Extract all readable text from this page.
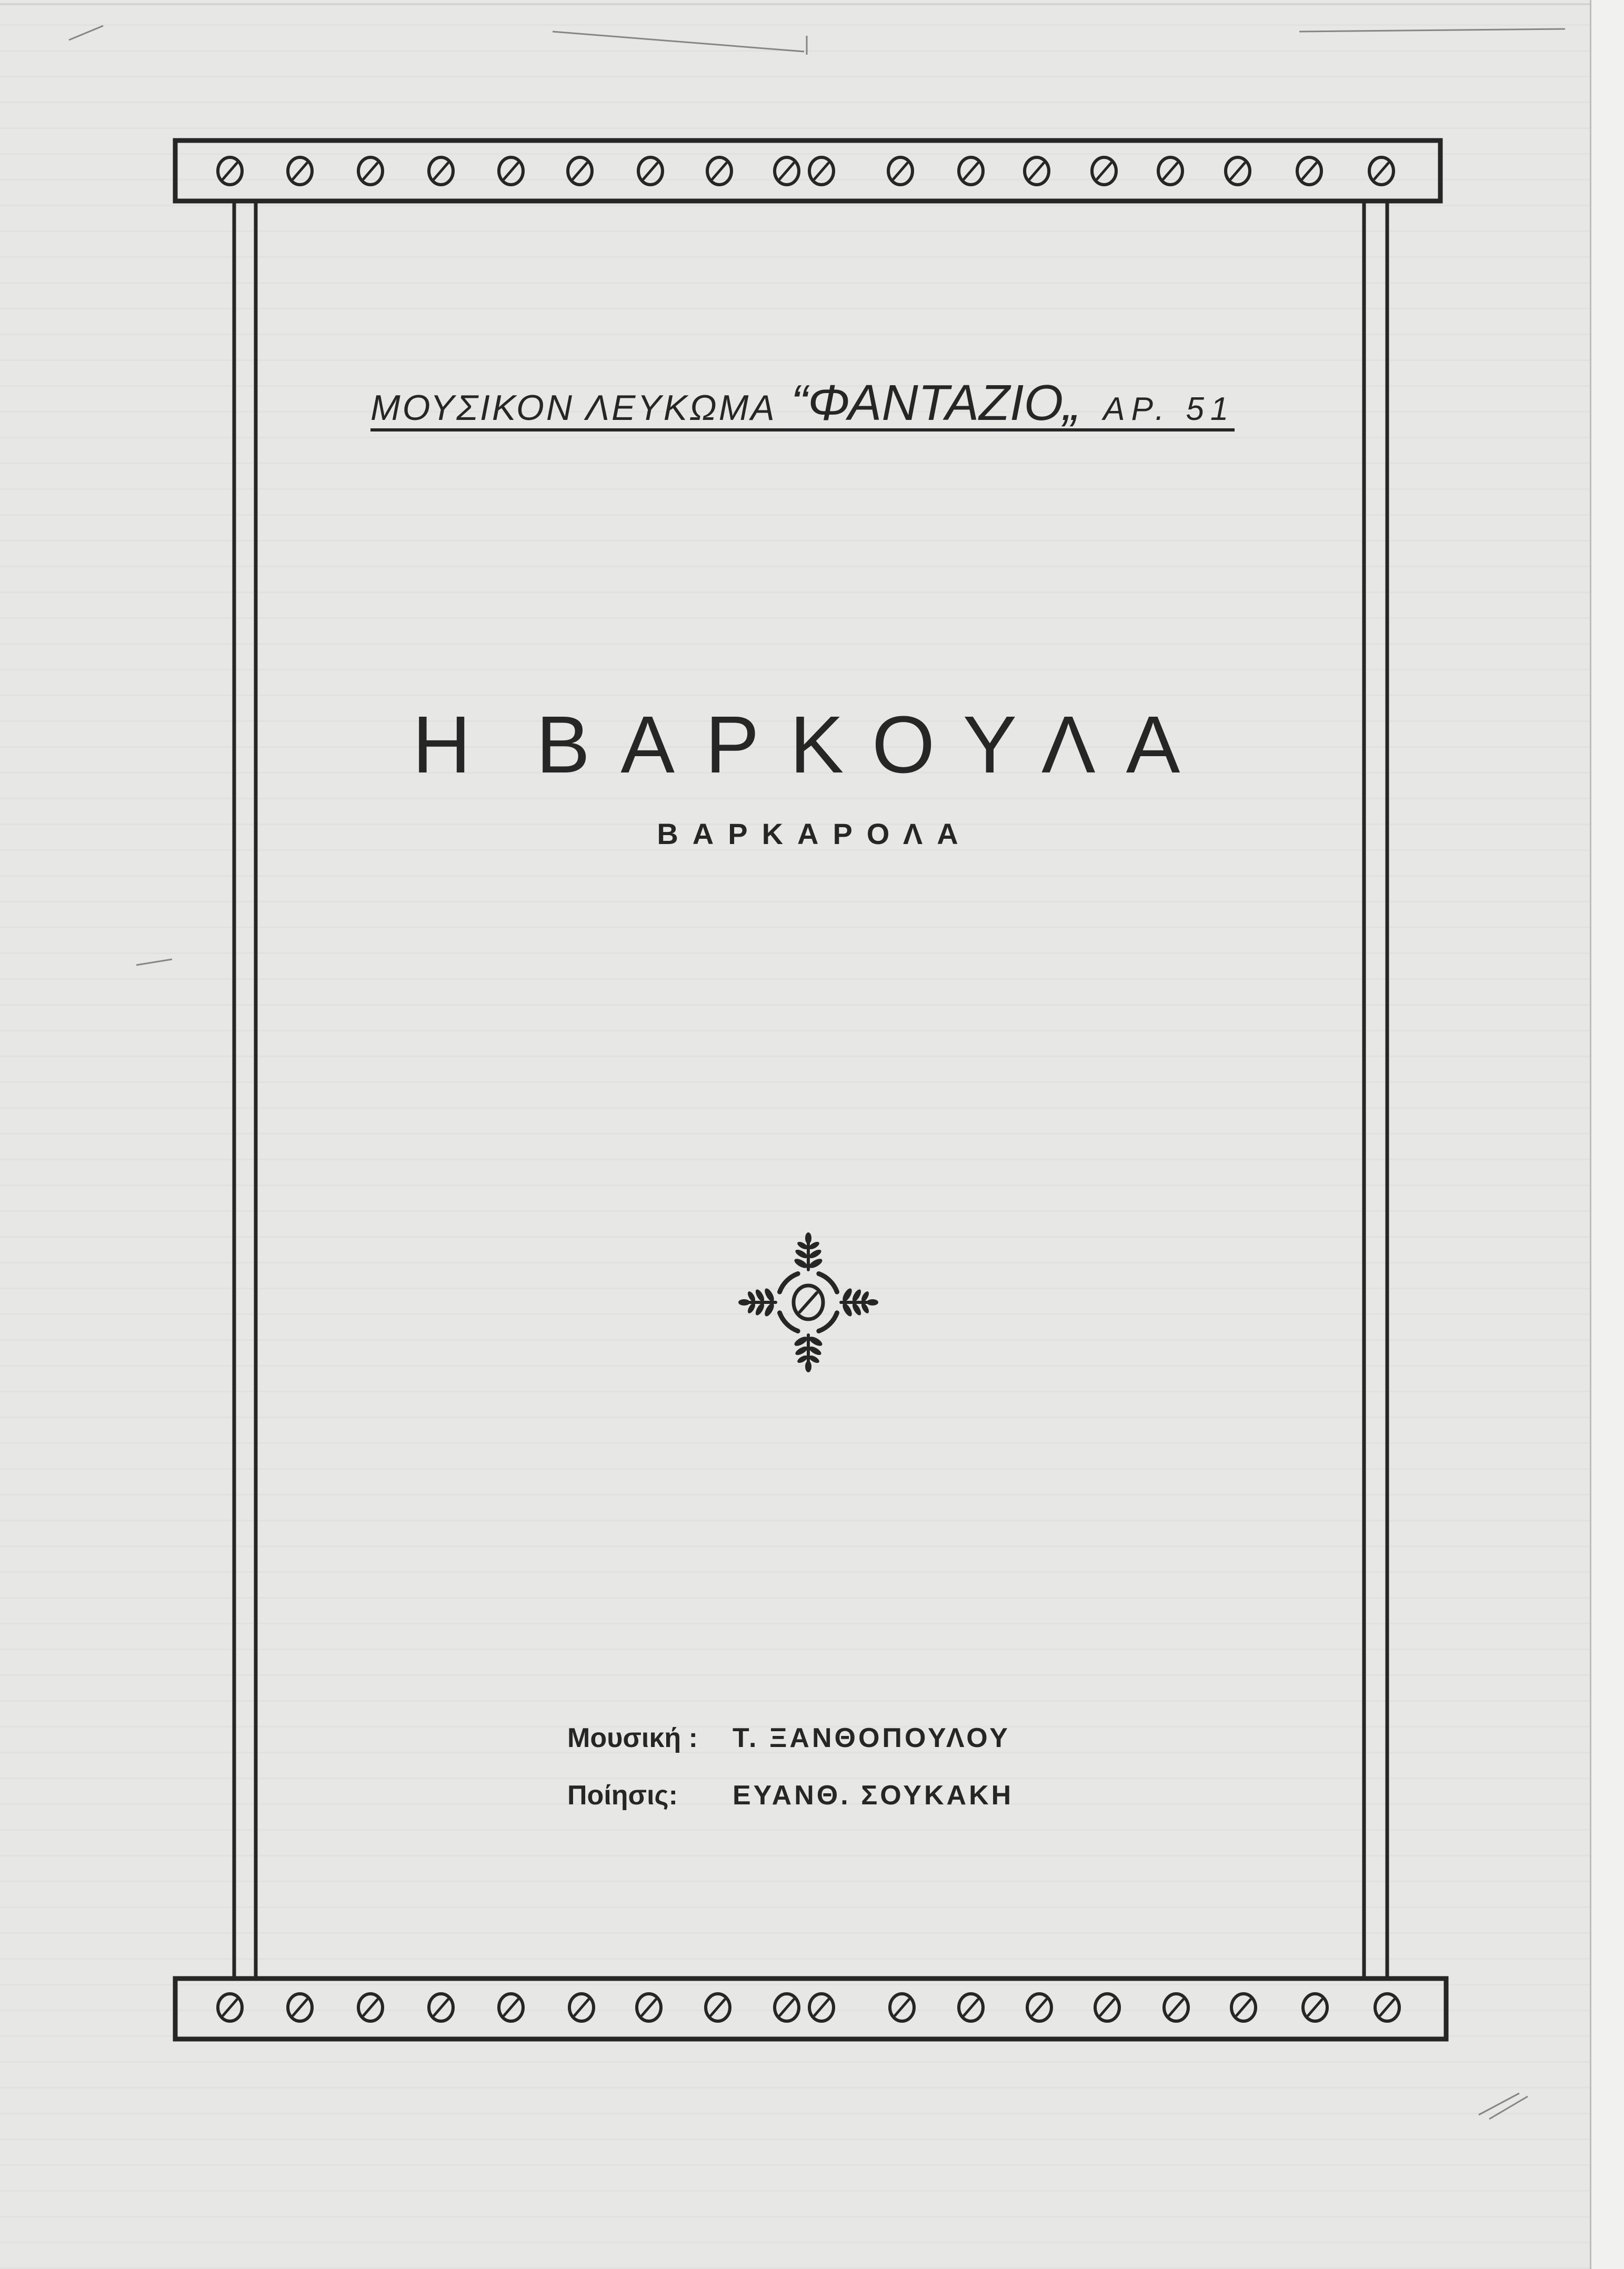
ΜΟΥΣΙΚΟΝ ΛΕΥΚΩΜΑ “ΦΑΝΤΑΖΙΟ„ ΑΡ. 51
Η ΒΑΡΚΟΥΛΑ
ΒΑΡΚΑΡΟΛΑ
Μουσική : Τ. ΞΑΝΘΟΠΟΥΛΟΥ
Ποίησις: ΕΥΑΝΘ. ΣΟΥΚΑΚΗ
